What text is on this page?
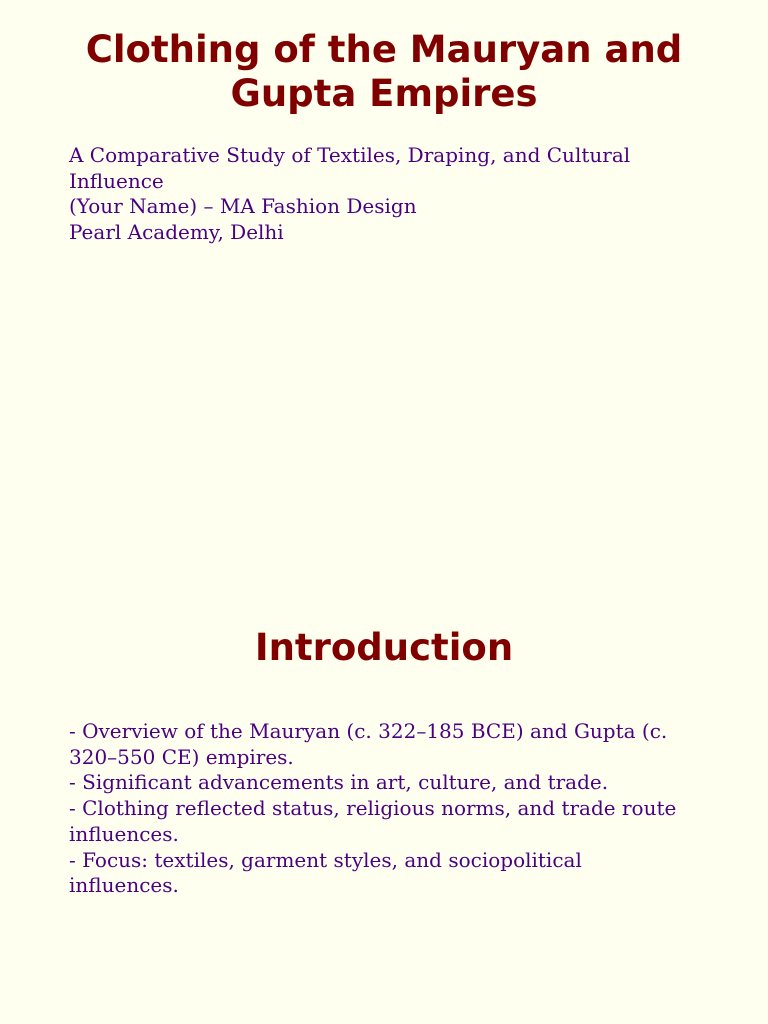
Clothing of the Mauryan and Gupta Empires
A Comparative Study of Textiles, Draping, and Cultural Influence
(Your Name) – MA Fashion Design
Pearl Academy, Delhi
Introduction
- Overview of the Mauryan (c. 322–185 BCE) and Gupta (c. 320–550 CE) empires.
- Significant advancements in art, culture, and trade.
- Clothing reflected status, religious norms, and trade route influences.
- Focus: textiles, garment styles, and sociopolitical influences.
